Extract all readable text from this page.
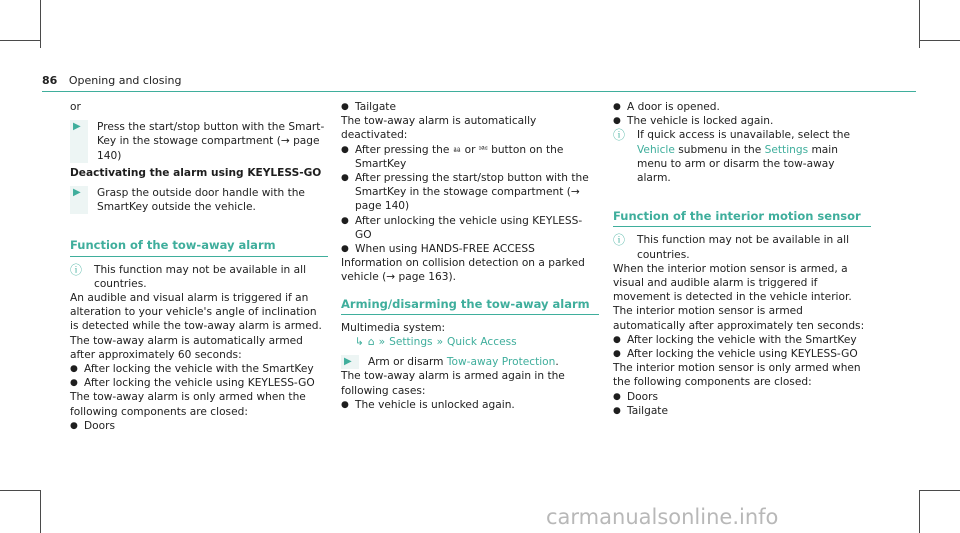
86 Opening and closing

or

▶	Press the start/stop button with the Smart-Key in the stowage compartment (→ page 140)

Deactivating the alarm using KEYLESS-GO

▶	Grasp the outside door handle with the SmartKey outside the vehicle.

Function of the tow-away alarm

ⓘ	This function may not be available in all countries.

An audible and visual alarm is triggered if an alteration to your vehicle's angle of inclination is detected while the tow-away alarm is armed.

The tow-away alarm is automatically armed after approximately 60 seconds:

● After locking the vehicle with the SmartKey
● After locking the vehicle using KEYLESS-GO

The tow-away alarm is only armed when the following components are closed:

● Doors
● Tailgate

The tow-away alarm is automatically deactivated:

● After pressing the ⎂ or ⎃ button on the SmartKey
● After pressing the start/stop button with the SmartKey in the stowage compartment (→ page 140)
● After unlocking the vehicle using KEYLESS-GO
● When using HANDS-FREE ACCESS

Information on collision detection on a parked vehicle (→ page 163).

Arming/disarming the tow-away alarm

Multimedia system:

↳ ⌂ » Settings » Quick Access
▶	Arm or disarm Tow-away Protection.

The tow-away alarm is armed again in the following cases:

● The vehicle is unlocked again.
● A door is opened.
● The vehicle is locked again.
ⓘ	If quick access is unavailable, select the Vehicle submenu in the Settings main menu to arm or disarm the tow-away alarm.

Function of the interior motion sensor

ⓘ	This function may not be available in all countries.

When the interior motion sensor is armed, a visual and audible alarm is triggered if movement is detected in the vehicle interior.

The interior motion sensor is armed automatically after approximately ten seconds:

● After locking the vehicle with the SmartKey
● After locking the vehicle using KEYLESS-GO

The interior motion sensor is only armed when the following components are closed:

● Doors
● Tailgate
carmanualsonline.info
